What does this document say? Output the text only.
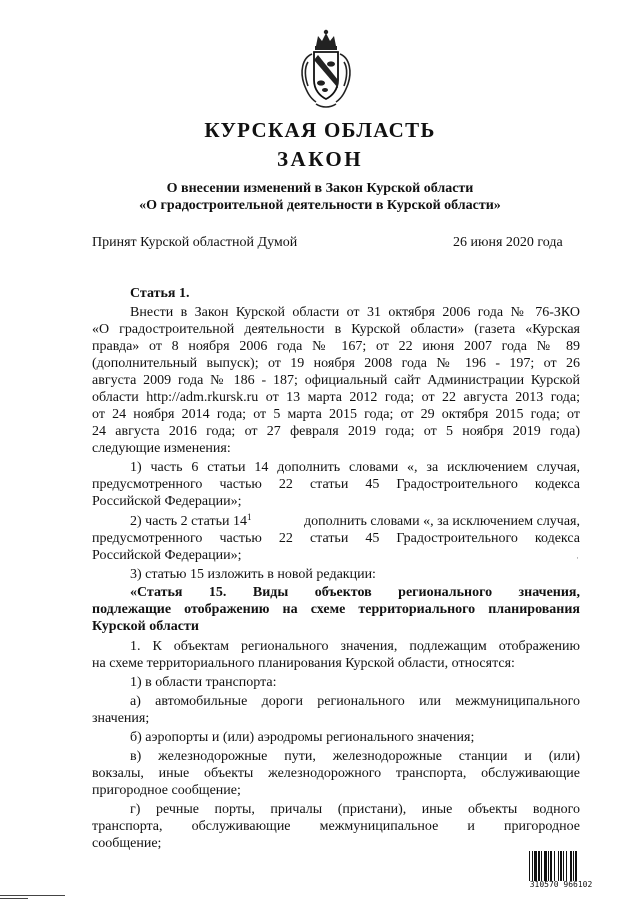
КУРСКАЯ ОБЛАСТЬ
ЗАКОН
О внесении изменений в Закон Курской области
«О градостроительной деятельности в Курской области»
Принят Курской областной Думой	26 июня 2020 года
Статья 1.
Внести в Закон Курской области от 31 октября 2006 года № 76-ЗКО
«О градостроительной деятельности в Курской области» (газета «Курская
правда» от 8 ноября 2006 года № 167; от 22 июня 2007 года № 89
(дополнительный выпуск); от 19 ноября 2008 года № 196 - 197; от 26
августа 2009 года № 186 - 187; официальный сайт Администрации Курской
области http://adm.rkursk.ru от 13 марта 2012 года; от 22 августа 2013 года;
от 24 ноября 2014 года; от 5 марта 2015 года; от 29 октября 2015 года; от
24 августа 2016 года; от 27 февраля 2019 года; от 5 ноября 2019 года)
следующие изменения:
1) часть 6 статьи 14 дополнить словами «, за исключением случая,
предусмотренного частью 22 статьи 45 Градостроительного кодекса
Российской Федерации»;
2) часть 2 статьи $14^1$	дополнить словами «, за исключением случая,
предусмотренного частью 22 статьи 45 Градостроительного кодекса
Российской Федерации»;
3) статью 15 изложить в новой редакции:
«Статья 15. Виды объектов регионального значения,
подлежащие отображению на схеме территориального планирования
Курской области
1. К объектам регионального значения, подлежащим отображению
на схеме территориального планирования Курской области, относятся:
1) в области транспорта:
а) автомобильные дороги регионального или межмуниципального
значения;
б) аэропорты и (или) аэродромы регионального значения;
в) железнодорожные пути, железнодорожные станции и (или)
вокзалы, иные объекты железнодорожного транспорта, обслуживающие
пригородное сообщение;
г) речные порты, причалы (пристани), иные объекты водного
транспорта, обслуживающие межмуниципальное и пригородное
сообщение;
·
310570 966102
